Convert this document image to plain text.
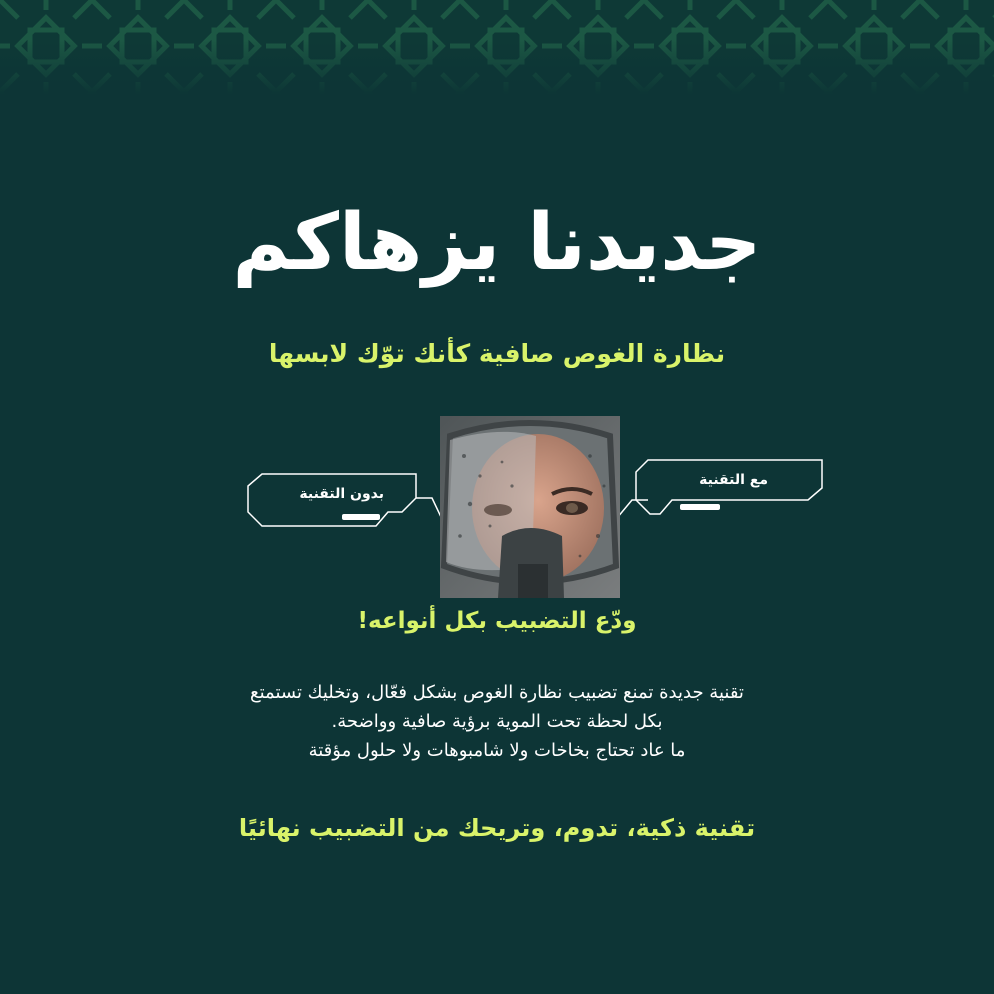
جديدنا يزهاكم
نظارة الغوص صافية كأنك توّك لابسها
بدون التقنية
مع التقنية
ودّع التضبيب بكل أنواعه!
تقنية جديدة تمنع تضبيب نظارة الغوص بشكل فعّال، وتخليك تستمتع
بكل لحظة تحت الموية برؤية صافية وواضحة.
ما عاد تحتاج بخاخات ولا شامبوهات ولا حلول مؤقتة
تقنية ذكية، تدوم، وتريحك من التضبيب نهائيًا
